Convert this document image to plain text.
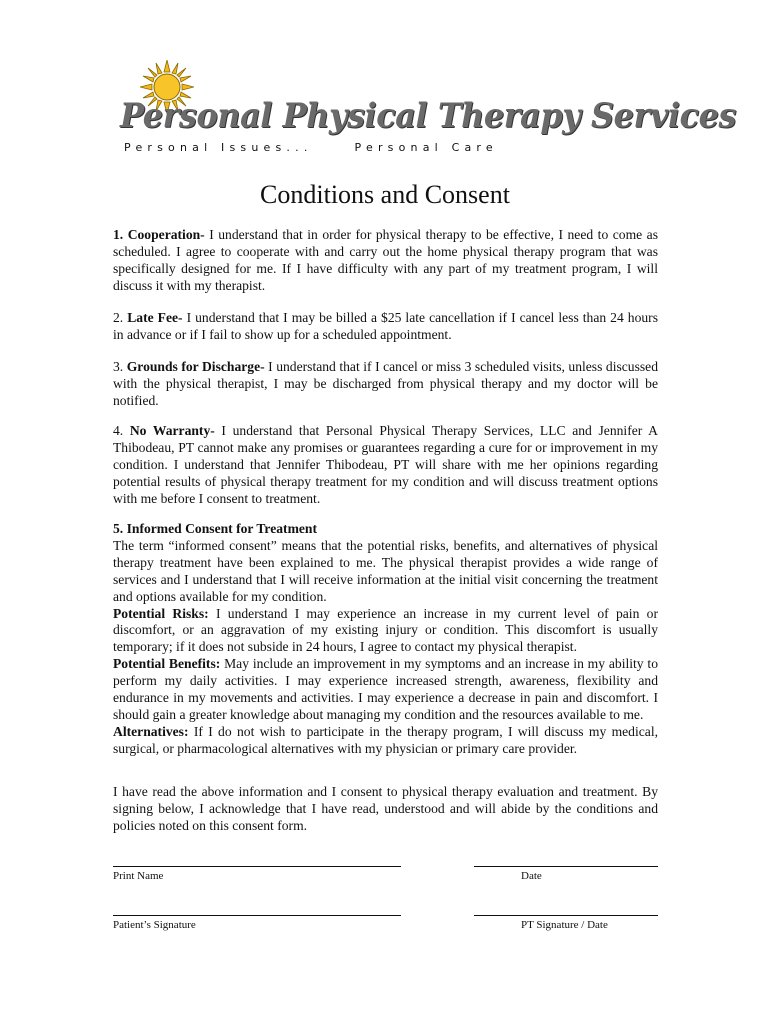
Personal Physical Therapy Services
Personal Issues...	Personal Care
Conditions and Consent
1. Cooperation- I understand that in order for physical therapy to be effective, I need to come as scheduled. I agree to cooperate with and carry out the home physical therapy program that was specifically designed for me. If I have difficulty with any part of my treatment program, I will discuss it with my therapist.
2. Late Fee- I understand that I may be billed a $25 late cancellation if I cancel less than 24 hours in advance or if I fail to show up for a scheduled appointment.
3. Grounds for Discharge- I understand that if I cancel or miss 3 scheduled visits, unless discussed with the physical therapist, I may be discharged from physical therapy and my doctor will be notified.
4. No Warranty- I understand that Personal Physical Therapy Services, LLC and Jennifer A Thibodeau, PT cannot make any promises or guarantees regarding a cure for or improvement in my condition. I understand that Jennifer Thibodeau, PT will share with me her opinions regarding potential results of physical therapy treatment for my condition and will discuss treatment options with me before I consent to treatment.
5. Informed Consent for Treatment
The term “informed consent” means that the potential risks, benefits, and alternatives of physical therapy treatment have been explained to me. The physical therapist provides a wide range of services and I understand that I will receive information at the initial visit concerning the treatment and options available for my condition.
Potential Risks: I understand I may experience an increase in my current level of pain or discomfort, or an aggravation of my existing injury or condition. This discomfort is usually temporary; if it does not subside in 24 hours, I agree to contact my physical therapist.
Potential Benefits: May include an improvement in my symptoms and an increase in my ability to perform my daily activities. I may experience increased strength, awareness, flexibility and endurance in my movements and activities. I may experience a decrease in pain and discomfort. I should gain a greater knowledge about managing my condition and the resources available to me.
Alternatives: If I do not wish to participate in the therapy program, I will discuss my medical, surgical, or pharmacological alternatives with my physician or primary care provider.
I have read the above information and I consent to physical therapy evaluation and treatment. By signing below, I acknowledge that I have read, understood and will abide by the conditions and policies noted on this consent form.
Print Name	Date
Patient’s Signature	PT Signature / Date
